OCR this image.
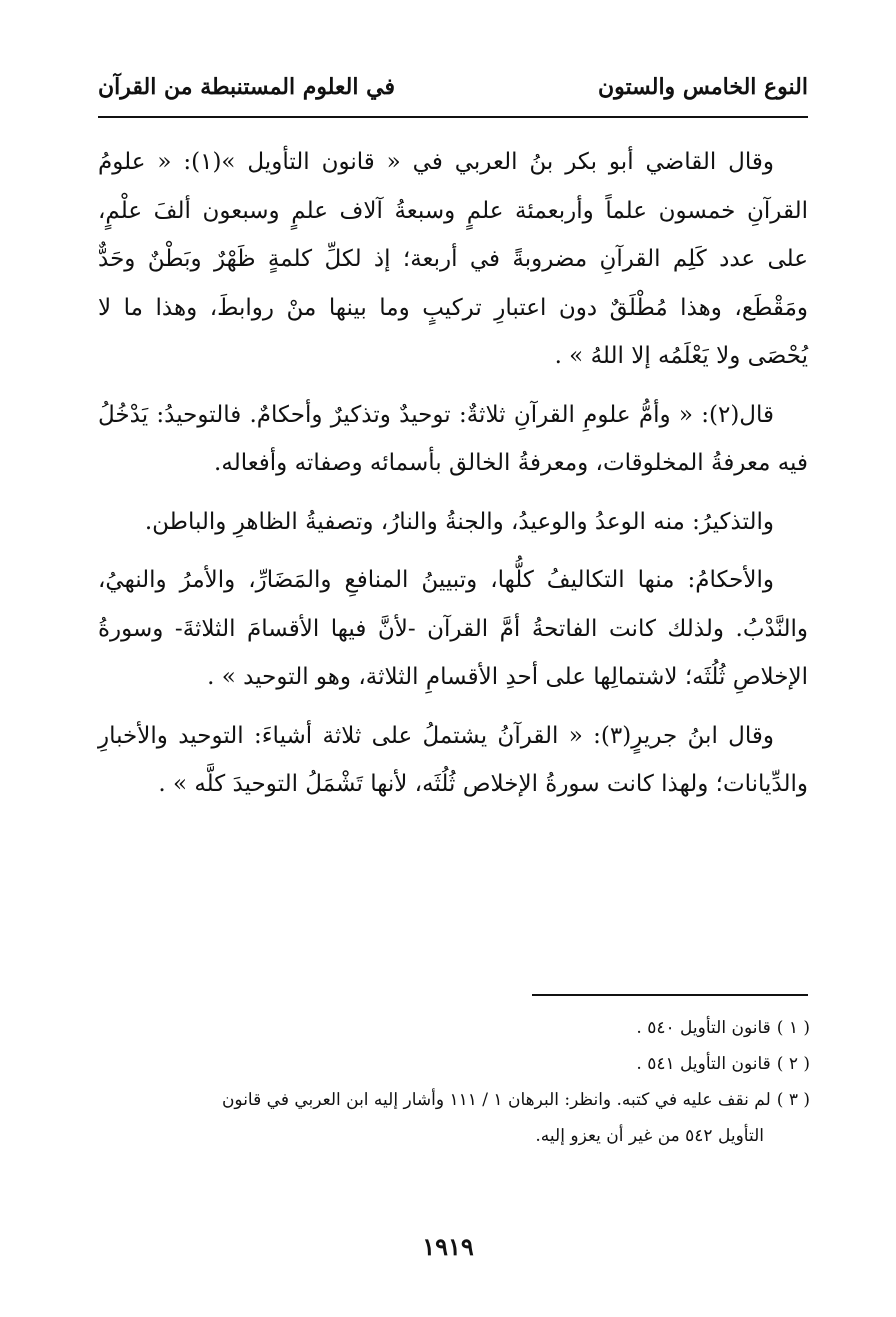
النوع الخامس والستون
في العلوم المستنبطة من القرآن

وقال القاضي أبو بكر بنُ العربي في « قانون التأويل »(١): « علومُ القرآنِ خمسون علماً وأربعمئة علمٍ وسبعةُ آلاف علمٍ وسبعون ألفَ علْمٍ، على عدد كَلِم القرآنِ مضروبةً في أربعة؛ إذ لكلِّ كلمةٍ ظَهْرٌ وبَطْنٌ وحَدٌّ ومَقْطَع، وهذا مُطْلَقٌ دون اعتبارِ تركيبٍ وما بينها منْ روابطَ، وهذا ما لا يُحْصَى ولا يَعْلَمُه إلا اللهُ » .

قال(٢): « وأمُّ علومِ القرآنِ ثلاثةٌ: توحيدٌ وتذكيرٌ وأحكامٌ. فالتوحيدُ: يَدْخُلُ فيه معرفةُ المخلوقات، ومعرفةُ الخالق بأسمائه وصفاته وأفعاله.

والتذكيرُ: منه الوعدُ والوعيدُ، والجنةُ والنارُ، وتصفيةُ الظاهرِ والباطن.

والأحكامُ: منها التكاليفُ كلُّها، وتبيينُ المنافعِ والمَضَارِّ، والأمرُ والنهيُ، والنَّدْبُ. ولذلك كانت الفاتحةُ أمَّ القرآن -لأنَّ فيها الأقسامَ الثلاثةَ- وسورةُ الإخلاصِ ثُلُثَه؛ لاشتمالِها على أحدِ الأقسامِ الثلاثة، وهو التوحيد » .

وقال ابنُ جريرٍ(٣): « القرآنُ يشتملُ على ثلاثة أشياءَ: التوحيد والأخبارِ والدِّيانات؛ ولهذا كانت سورةُ الإخلاص ثُلُثَه، لأنها تَشْمَلُ التوحيدَ كلَّه » .

( ١ )قانون التأويل ٥٤٠ .

( ٢ )قانون التأويل ٥٤١ .

( ٣ )لم نقف عليه في كتبه. وانظر: البرهان ١ / ١١١ وأشار إليه ابن العربي في قانون

التأويل ٥٤٢ من غير أن يعزو إليه.

١٩١٩
